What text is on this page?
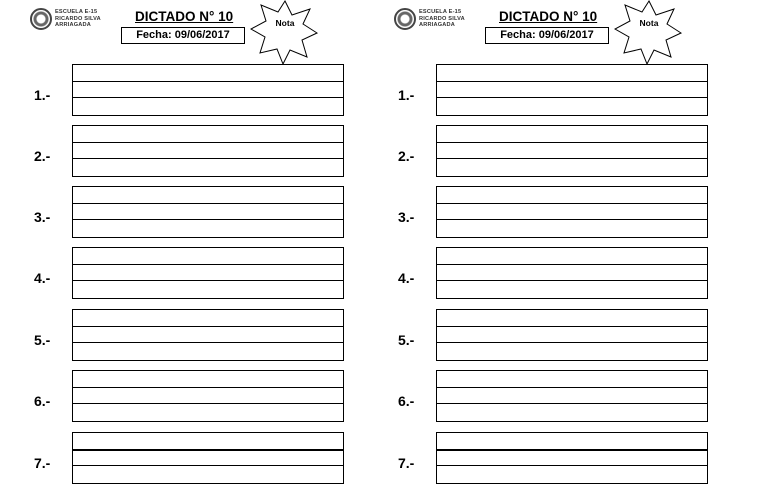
ESCUELA E-15
RICARDO SILVA
ARRIAGADA
DICTADO N° 10
Fecha: 09/06/2017
Nota
1.-
2.-
3.-
4.-
5.-
6.-
7.-
ESCUELA E-15
RICARDO SILVA
ARRIAGADA
DICTADO N° 10
Fecha: 09/06/2017
Nota
1.-
2.-
3.-
4.-
5.-
6.-
7.-
